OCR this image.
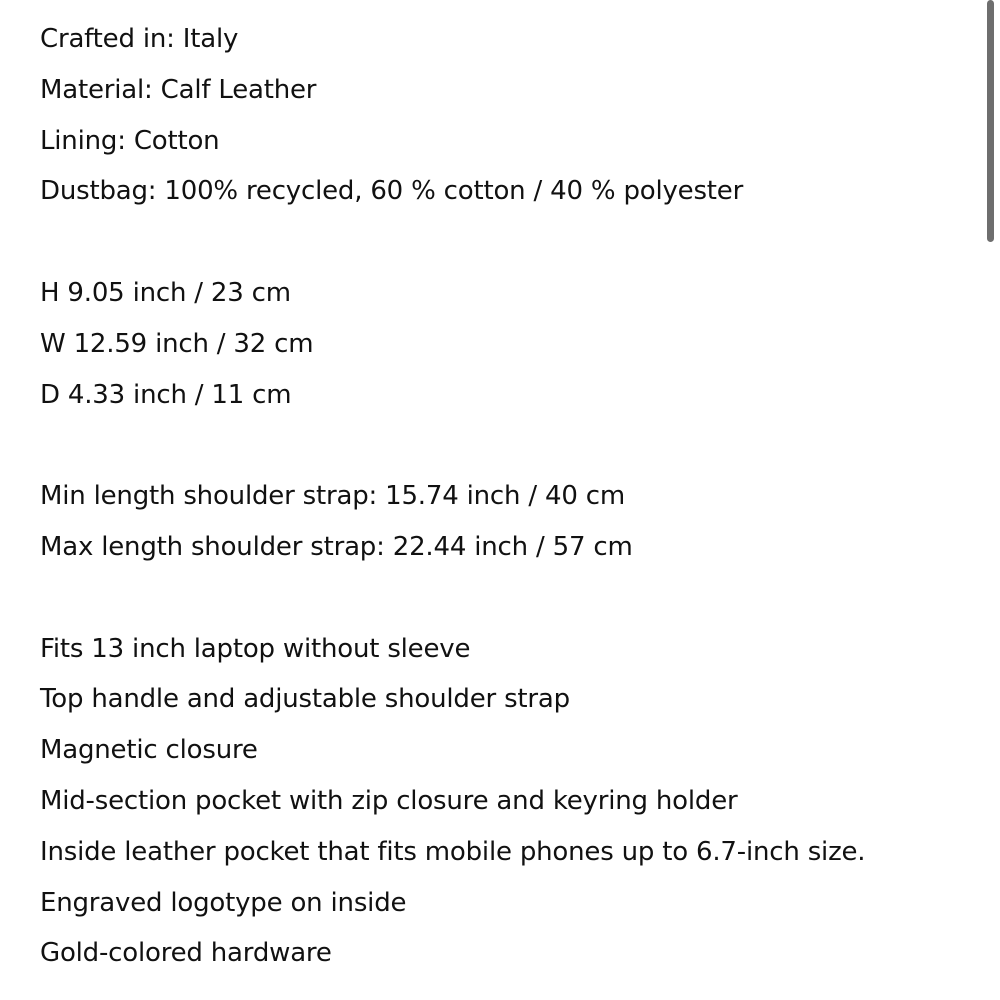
Crafted in: Italy
Material: Calf Leather
Lining: Cotton
Dustbag: 100% recycled, 60 % cotton / 40 % polyester
H 9.05 inch / 23 cm
W 12.59 inch / 32 cm
D 4.33 inch / 11 cm
Min length shoulder strap: 15.74 inch / 40 cm
Max length shoulder strap: 22.44 inch / 57 cm
Fits 13 inch laptop without sleeve
Top handle and adjustable shoulder strap
Magnetic closure
Mid-section pocket with zip closure and keyring holder
Inside leather pocket that fits mobile phones up to 6.7-inch size.
Engraved logotype on inside
Gold-colored hardware
